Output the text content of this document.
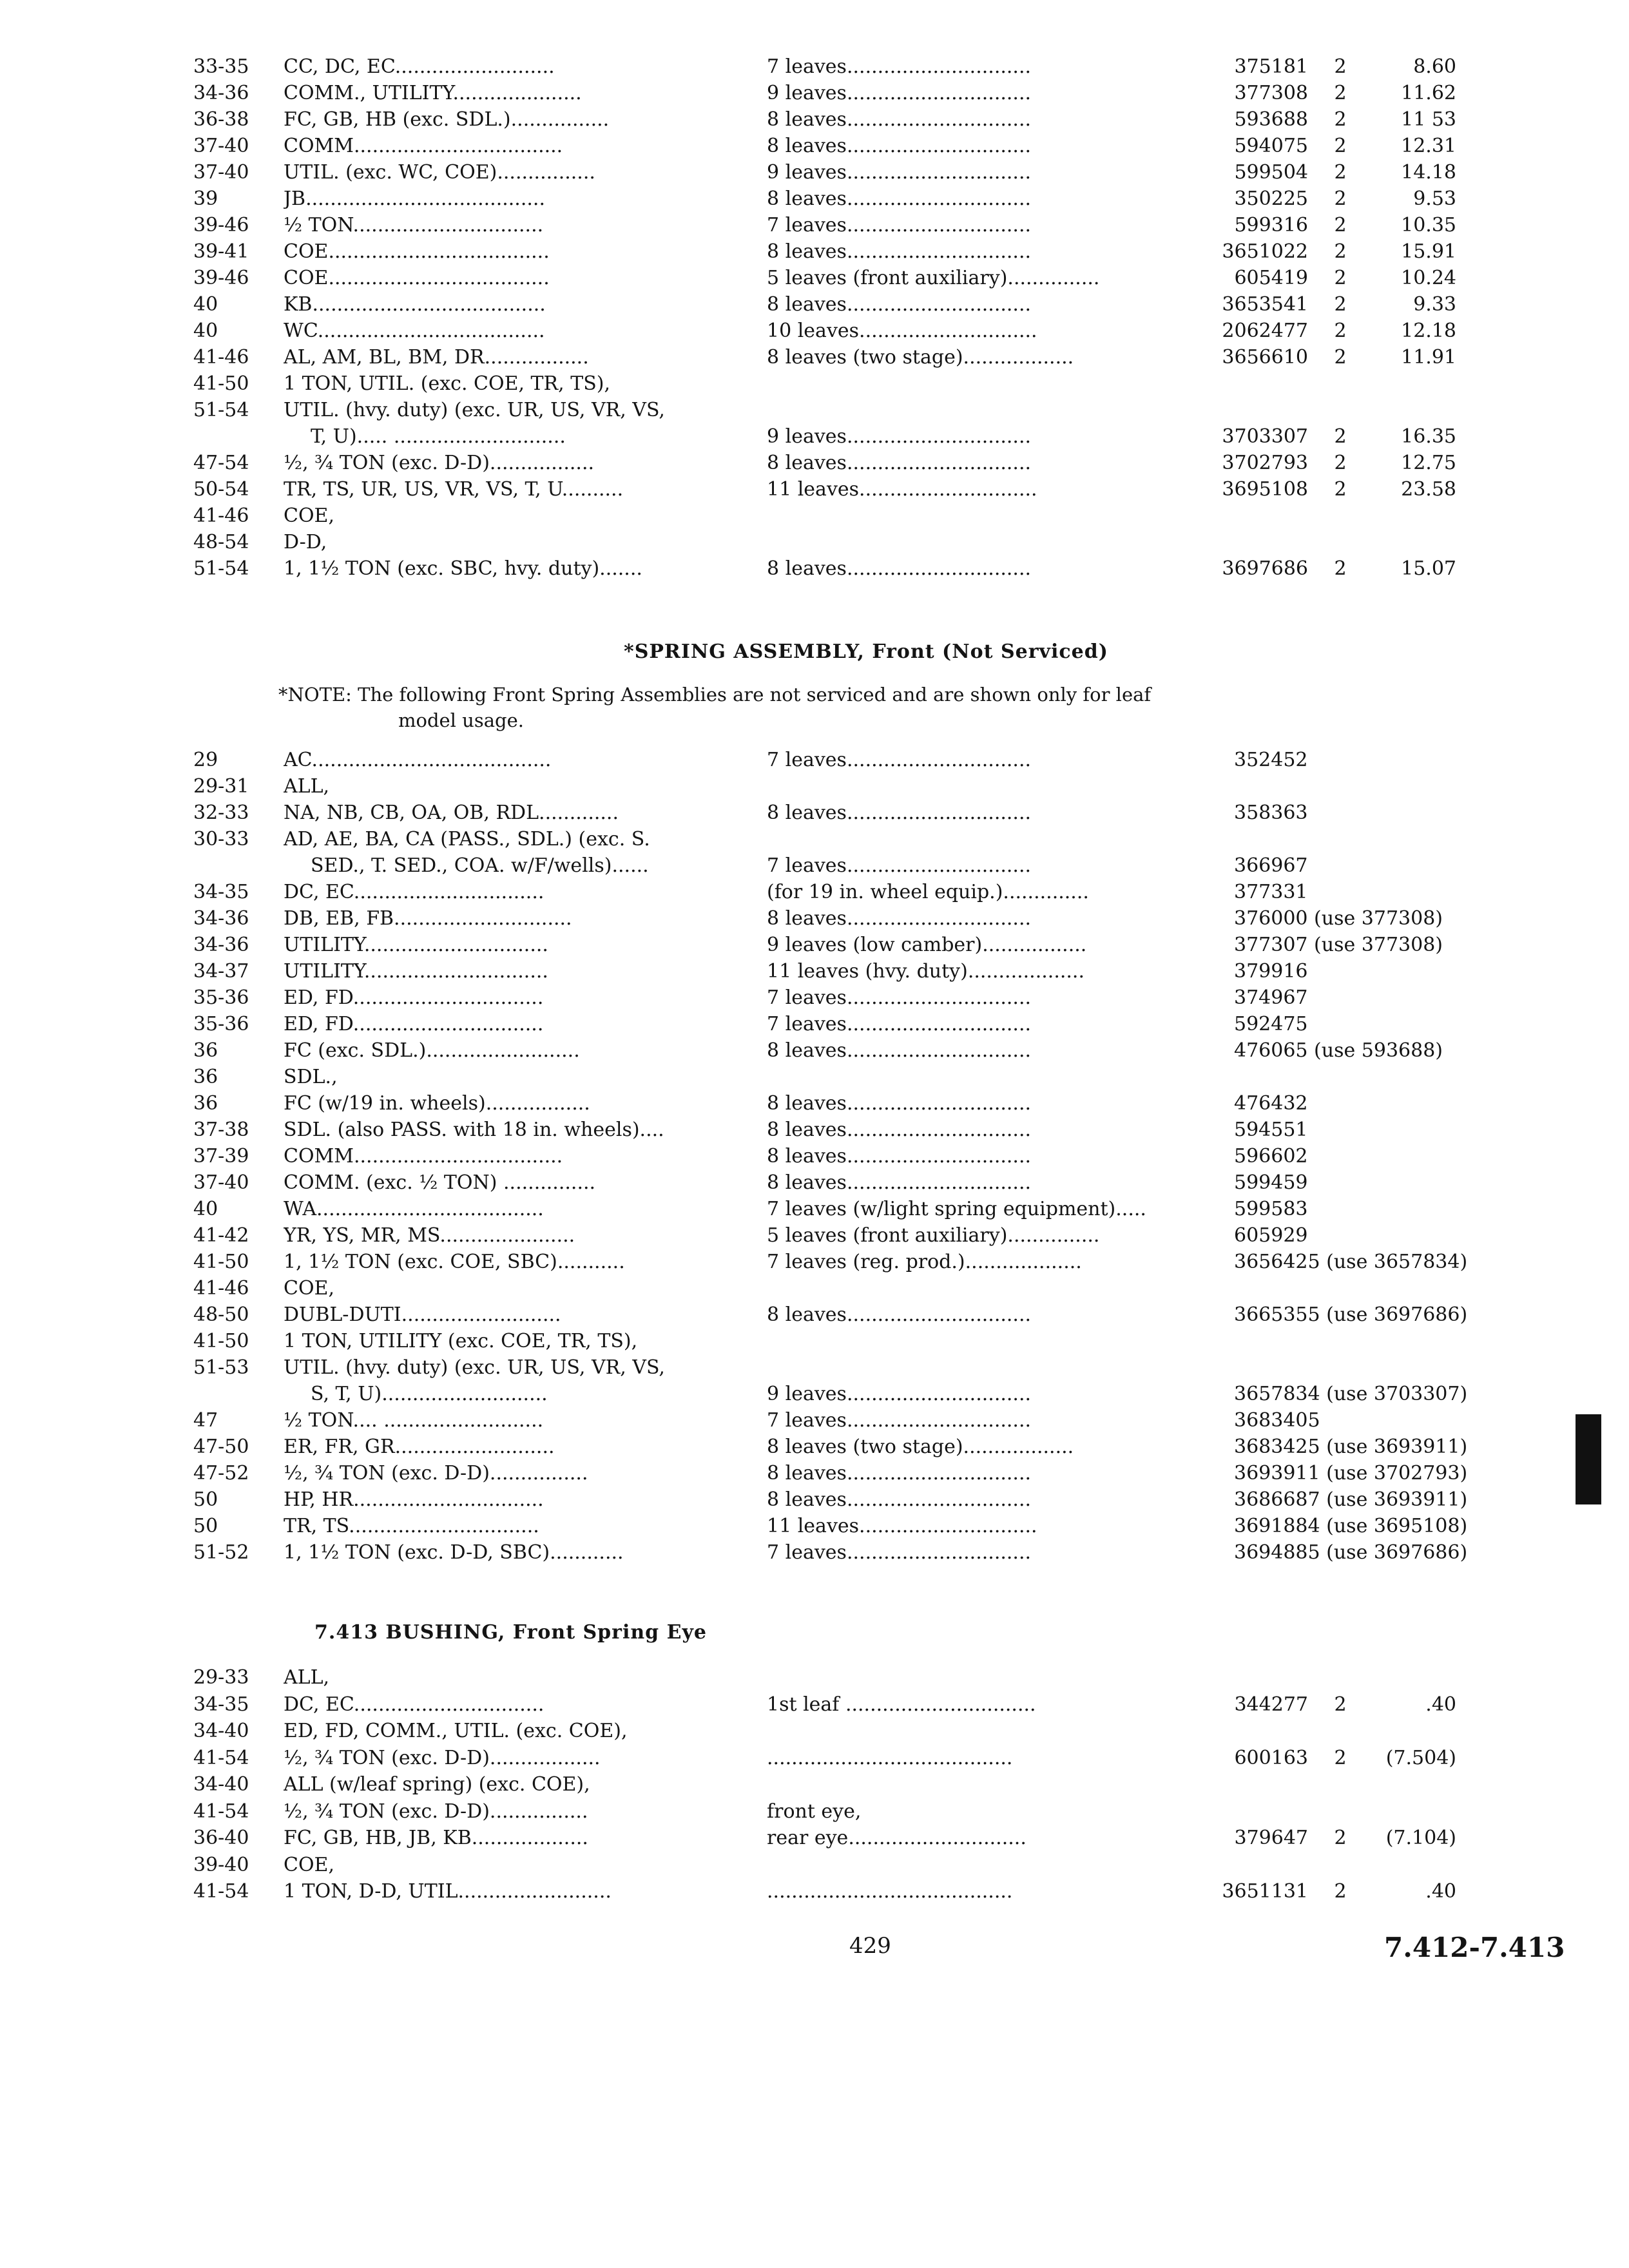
33-35	CC, DC, EC..........................	7 leaves..............................	375181	2	8.60
34-36	COMM., UTILITY.....................	9 leaves..............................	377308	2	11.62
36-38	FC, GB, HB (exc. SDL.)................	8 leaves..............................	593688	2	11 53
37-40	COMM..................................	8 leaves..............................	594075	2	12.31
37-40	UTIL. (exc. WC, COE)................	9 leaves..............................	599504	2	14.18
39	JB.......................................	8 leaves..............................	350225	2	9.53
39-46	½ TON...............................	7 leaves..............................	599316	2	10.35
39-41	COE....................................	8 leaves..............................	3651022	2	15.91
39-46	COE....................................	5 leaves (front auxiliary)...............	605419	2	10.24
40	KB......................................	8 leaves..............................	3653541	2	9.33
40	WC.....................................	10 leaves.............................	2062477	2	12.18
41-46	AL, AM, BL, BM, DR.................	8 leaves (two stage)..................	3656610	2	11.91
41-50	1 TON, UTIL. (exc. COE, TR, TS),
51-54	UTIL. (hvy. duty) (exc. UR, US, VR, VS,
T, U)..... ............................	9 leaves..............................	3703307	2	16.35
47-54	½, ¾ TON (exc. D-D).................	8 leaves..............................	3702793	2	12.75
50-54	TR, TS, UR, US, VR, VS, T, U..........	11 leaves.............................	3695108	2	23.58
41-46	COE,
48-54	D-D,
51-54	1, 1½ TON (exc. SBC, hvy. duty).......	8 leaves..............................	3697686	2	15.07
*SPRING ASSEMBLY, Front (Not Serviced)
*NOTE: The following Front Spring Assemblies are not serviced and are shown only for leaf
model usage.
29	AC.......................................	7 leaves..............................	352452
29-31	ALL,
32-33	NA, NB, CB, OA, OB, RDL.............	8 leaves..............................	358363
30-33	AD, AE, BA, CA (PASS., SDL.) (exc. S.
SED., T. SED., COA. w/F/wells)......	7 leaves..............................	366967
34-35	DC, EC...............................	(for 19 in. wheel equip.)..............	377331
34-36	DB, EB, FB.............................	8 leaves..............................	376000 (use 377308)
34-36	UTILITY..............................	9 leaves (low camber).................	377307 (use 377308)
34-37	UTILITY..............................	11 leaves (hvy. duty)...................	379916
35-36	ED, FD...............................	7 leaves..............................	374967
35-36	ED, FD...............................	7 leaves..............................	592475
36	FC (exc. SDL.).........................	8 leaves..............................	476065 (use 593688)
36	SDL.,
36	FC (w/19 in. wheels).................	8 leaves..............................	476432
37-38	SDL. (also PASS. with 18 in. wheels)....	8 leaves..............................	594551
37-39	COMM..................................	8 leaves..............................	596602
37-40	COMM. (exc. ½ TON) ...............	8 leaves..............................	599459
40	WA.....................................	7 leaves (w/light spring equipment).....	599583
41-42	YR, YS, MR, MS......................	5 leaves (front auxiliary)...............	605929
41-50	1, 1½ TON (exc. COE, SBC)...........	7 leaves (reg. prod.)...................	3656425 (use 3657834)
41-46	COE,
48-50	DUBL-DUTI..........................	8 leaves..............................	3665355 (use 3697686)
41-50	1 TON, UTILITY (exc. COE, TR, TS),
51-53	UTIL. (hvy. duty) (exc. UR, US, VR, VS,
S, T, U)...........................	9 leaves..............................	3657834 (use 3703307)
47	½ TON.... ..........................	7 leaves..............................	3683405
47-50	ER, FR, GR..........................	8 leaves (two stage)..................	3683425 (use 3693911)
47-52	½, ¾ TON (exc. D-D)................	8 leaves..............................	3693911 (use 3702793)
50	HP, HR...............................	8 leaves..............................	3686687 (use 3693911)
50	TR, TS...............................	11 leaves.............................	3691884 (use 3695108)
51-52	1, 1½ TON (exc. D-D, SBC)............	7 leaves..............................	3694885 (use 3697686)
7.413 BUSHING, Front Spring Eye
29-33	ALL,
34-35	DC, EC...............................	1st leaf ...............................	344277	2	.40
34-40	ED, FD, COMM., UTIL. (exc. COE),
41-54	½, ¾ TON (exc. D-D)..................	........................................	600163	2	(7.504)
34-40	ALL (w/leaf spring) (exc. COE),
41-54	½, ¾ TON (exc. D-D)................	front eye,
36-40	FC, GB, HB, JB, KB...................	rear eye.............................	379647	2	(7.104)
39-40	COE,
41-54	1 TON, D-D, UTIL.........................	........................................	3651131	2	.40
429	7.412-7.413
